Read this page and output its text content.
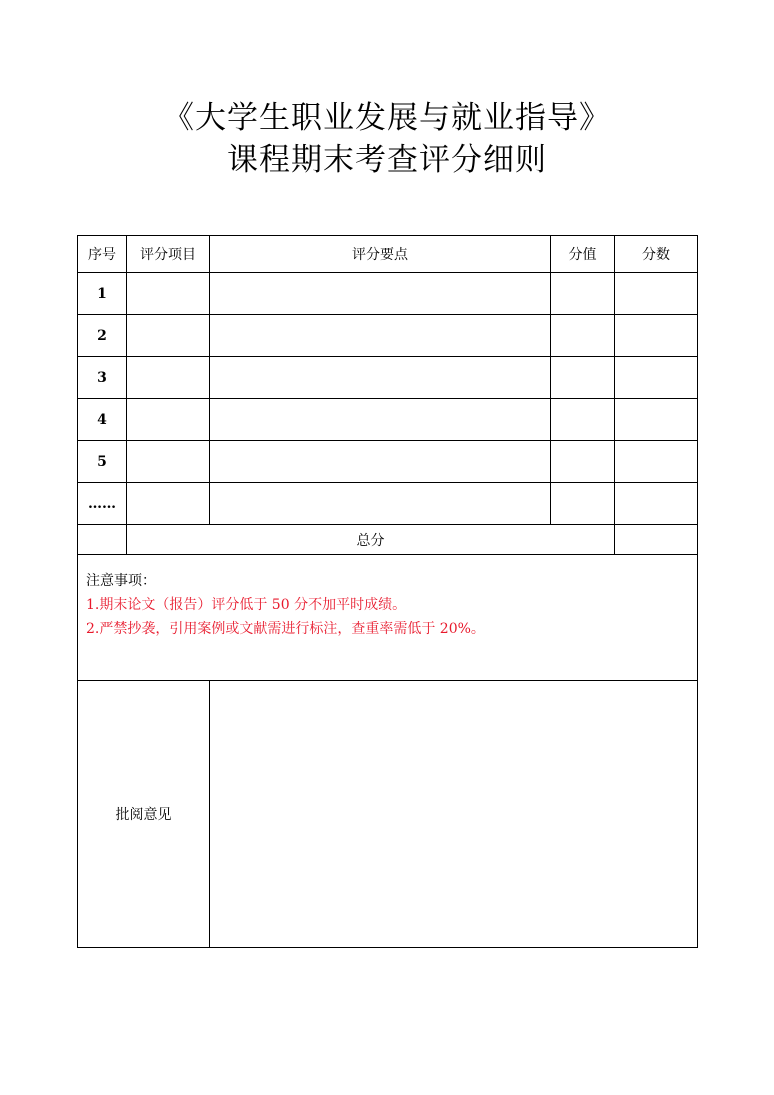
《大学生职业发展与就业指导》
课程期末考查评分细则
序号	评分项目	评分要点	分值	分数
1				
2				
3				
4				
5				
……				
	总分			

注意事项：
1.期末论文（报告）评分低于 50 分不加平时成绩。
2.严禁抄袭，引用案例或文献需进行标注，查重率需低于 20%。				

批阅意见				
